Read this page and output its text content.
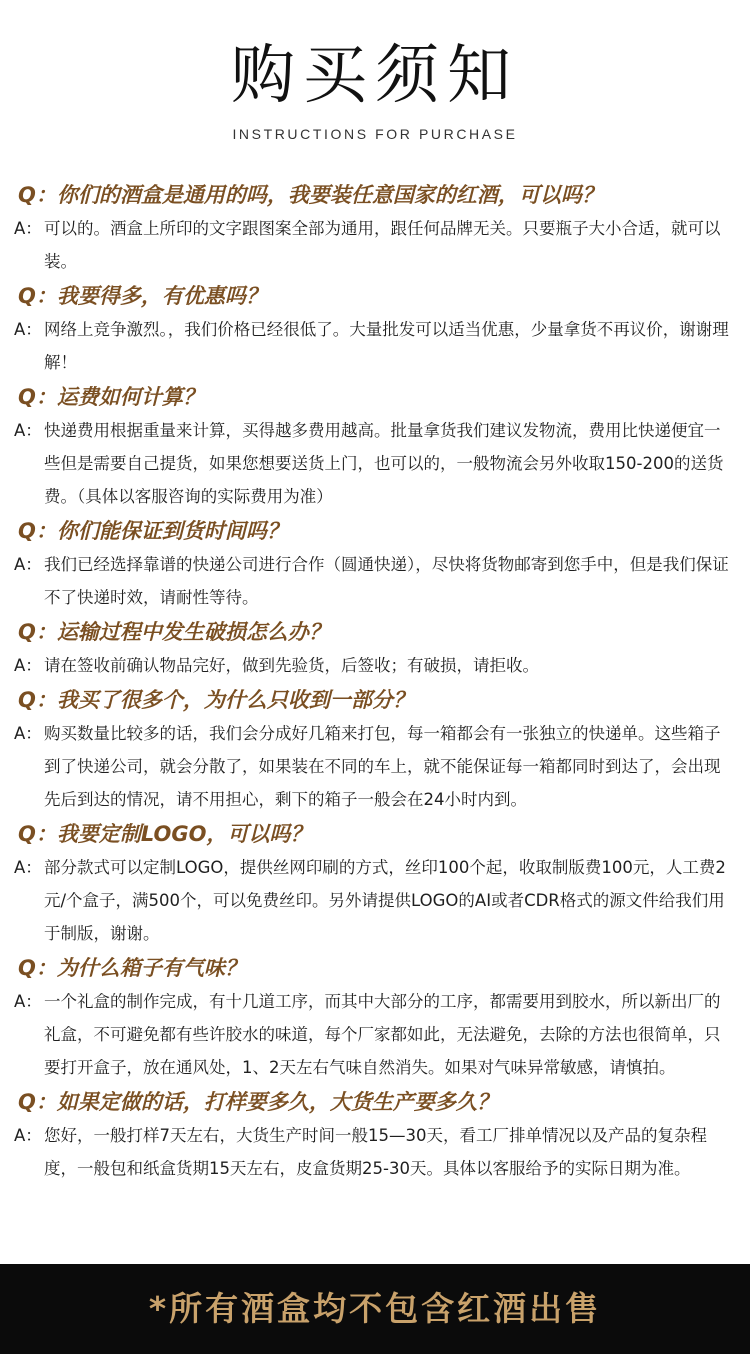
购买须知
INSTRUCTIONS FOR PURCHASE
Q：你们的酒盒是通用的吗，我要装任意国家的红酒，可以吗？
A： 可以的。酒盒上所印的文字跟图案全部为通用，跟任何品牌无关。只要瓶子大小合适，就可以装。
Q：我要得多，有优惠吗？
A： 网络上竞争激烈。，我们价格已经很低了。大量批发可以适当优惠，少量拿货不再议价，谢谢理解！
Q：运费如何计算？
A： 快递费用根据重量来计算，买得越多费用越高。批量拿货我们建议发物流，费用比快递便宜一些但是需要自己提货，如果您想要送货上门，也可以的，一般物流会另外收取150-200的送货费。（具体以客服咨询的实际费用为准）
Q：你们能保证到货时间吗？
A： 我们已经选择靠谱的快递公司进行合作（圆通快递），尽快将货物邮寄到您手中，但是我们保证不了快递时效，请耐性等待。
Q：运输过程中发生破损怎么办？
A： 请在签收前确认物品完好，做到先验货，后签收；有破损，请拒收。
Q：我买了很多个，为什么只收到一部分？
A： 购买数量比较多的话，我们会分成好几箱来打包，每一箱都会有一张独立的快递单。这些箱子到了快递公司，就会分散了，如果装在不同的车上，就不能保证每一箱都同时到达了，会出现先后到达的情况，请不用担心，剩下的箱子一般会在24小时内到。
Q：我要定制LOGO，可以吗？
A： 部分款式可以定制LOGO，提供丝网印刷的方式，丝印100个起，收取制版费100元，人工费2元/个盒子，满500个，可以免费丝印。另外请提供LOGO的AI或者CDR格式的源文件给我们用于制版，谢谢。
Q：为什么箱子有气味？
A： 一个礼盒的制作完成，有十几道工序，而其中大部分的工序，都需要用到胶水，所以新出厂的礼盒，不可避免都有些许胶水的味道，每个厂家都如此，无法避免，去除的方法也很简单，只要打开盒子，放在通风处，1、2天左右气味自然消失。如果对气味异常敏感，请慎拍。
Q：如果定做的话，打样要多久，大货生产要多久？
A： 您好，一般打样7天左右，大货生产时间一般15—30天，看工厂排单情况以及产品的复杂程度，一般包和纸盒货期15天左右，皮盒货期25-30天。具体以客服给予的实际日期为准。
*所有酒盒均不包含红酒出售
